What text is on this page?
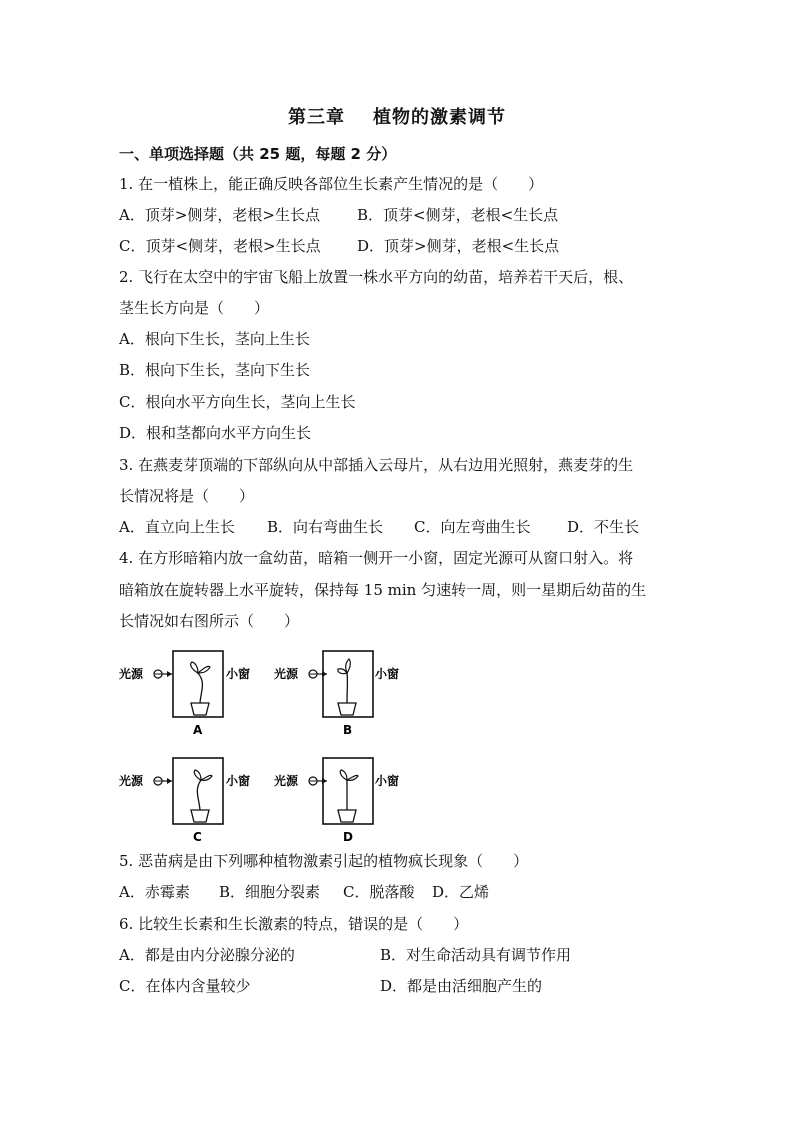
第三章 植物的激素调节
一、单项选择题（共 25 题，每题 2 分）
1. 在一植株上，能正确反映各部位生长素产生情况的是（　　）
A．顶芽>侧芽，老根>生长点 B．顶芽<侧芽，老根<生长点
C．顶芽<侧芽，老根>生长点 D．顶芽>侧芽，老根<生长点
2. 飞行在太空中的宇宙飞船上放置一株水平方向的幼苗，培养若干天后，根、
茎生长方向是（　　）
A．根向下生长，茎向上生长
B．根向下生长，茎向下生长
C．根向水平方向生长，茎向上生长
D．根和茎都向水平方向生长
3. 在燕麦芽顶端的下部纵向从中部插入云母片，从右边用光照射，燕麦芽的生
长情况将是（　　）
A．直立向上生长 B．向右弯曲生长 C．向左弯曲生长 D．不生长
4. 在方形暗箱内放一盒幼苗，暗箱一侧开一小窗，固定光源可从窗口射入。将
暗箱放在旋转器上水平旋转，保持每 15 min 匀速转一周，则一星期后幼苗的生
长情况如右图所示（　　）
光源	小窗
A
光源	小窗
B
光源	小窗
C
光源	小窗
D
5. 恶苗病是由下列哪种植物激素引起的植物疯长现象（　　）
A．赤霉素 B．细胞分裂素 C．脱落酸 D．乙烯
6. 比较生长素和生长激素的特点，错误的是（　　）
A．都是由内分泌腺分泌的	B．对生命活动具有调节作用
C．在体内含量较少	D．都是由活细胞产生的
